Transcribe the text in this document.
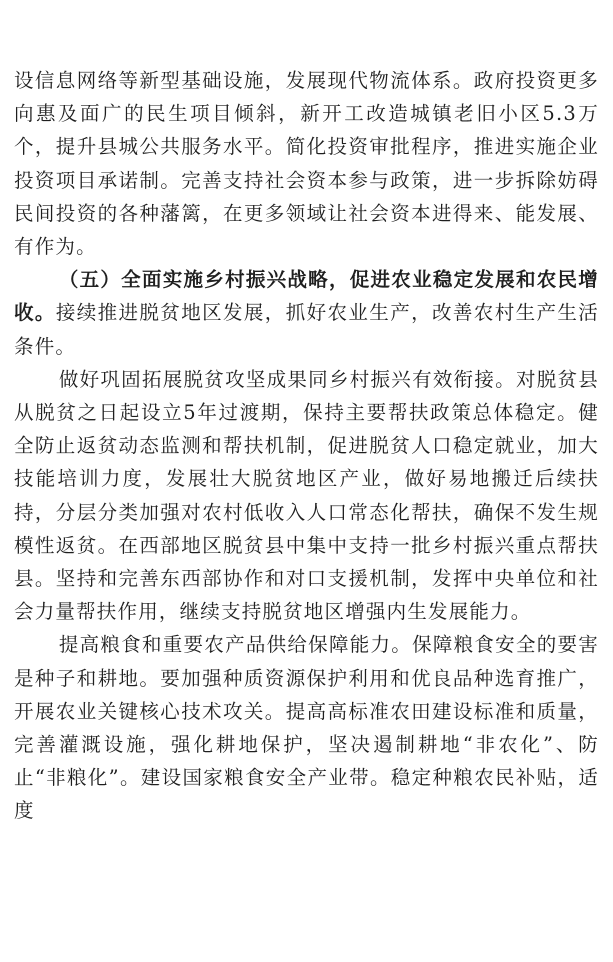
设信息网络等新型基础设施，发展现代物流体系。政府投资更多向惠及面广的民生项目倾斜，新开工改造城镇老旧小区5.3万个，提升县城公共服务水平。简化投资审批程序，推进实施企业投资项目承诺制。完善支持社会资本参与政策，进一步拆除妨碍民间投资的各种藩篱，在更多领域让社会资本进得来、能发展、有作为。

（五）全面实施乡村振兴战略，促进农业稳定发展和农民增收。接续推进脱贫地区发展，抓好农业生产，改善农村生产生活条件。

做好巩固拓展脱贫攻坚成果同乡村振兴有效衔接。对脱贫县从脱贫之日起设立5年过渡期，保持主要帮扶政策总体稳定。健全防止返贫动态监测和帮扶机制，促进脱贫人口稳定就业，加大技能培训力度，发展壮大脱贫地区产业，做好易地搬迁后续扶持，分层分类加强对农村低收入人口常态化帮扶，确保不发生规模性返贫。在西部地区脱贫县中集中支持一批乡村振兴重点帮扶县。坚持和完善东西部协作和对口支援机制，发挥中央单位和社会力量帮扶作用，继续支持脱贫地区增强内生发展能力。

提高粮食和重要农产品供给保障能力。保障粮食安全的要害是种子和耕地。要加强种质资源保护利用和优良品种选育推广，开展农业关键核心技术攻关。提高高标准农田建设标准和质量，完善灌溉设施，强化耕地保护，坚决遏制耕地“非农化”、防止“非粮化”。建设国家粮食安全产业带。稳定种粮农民补贴，适度
